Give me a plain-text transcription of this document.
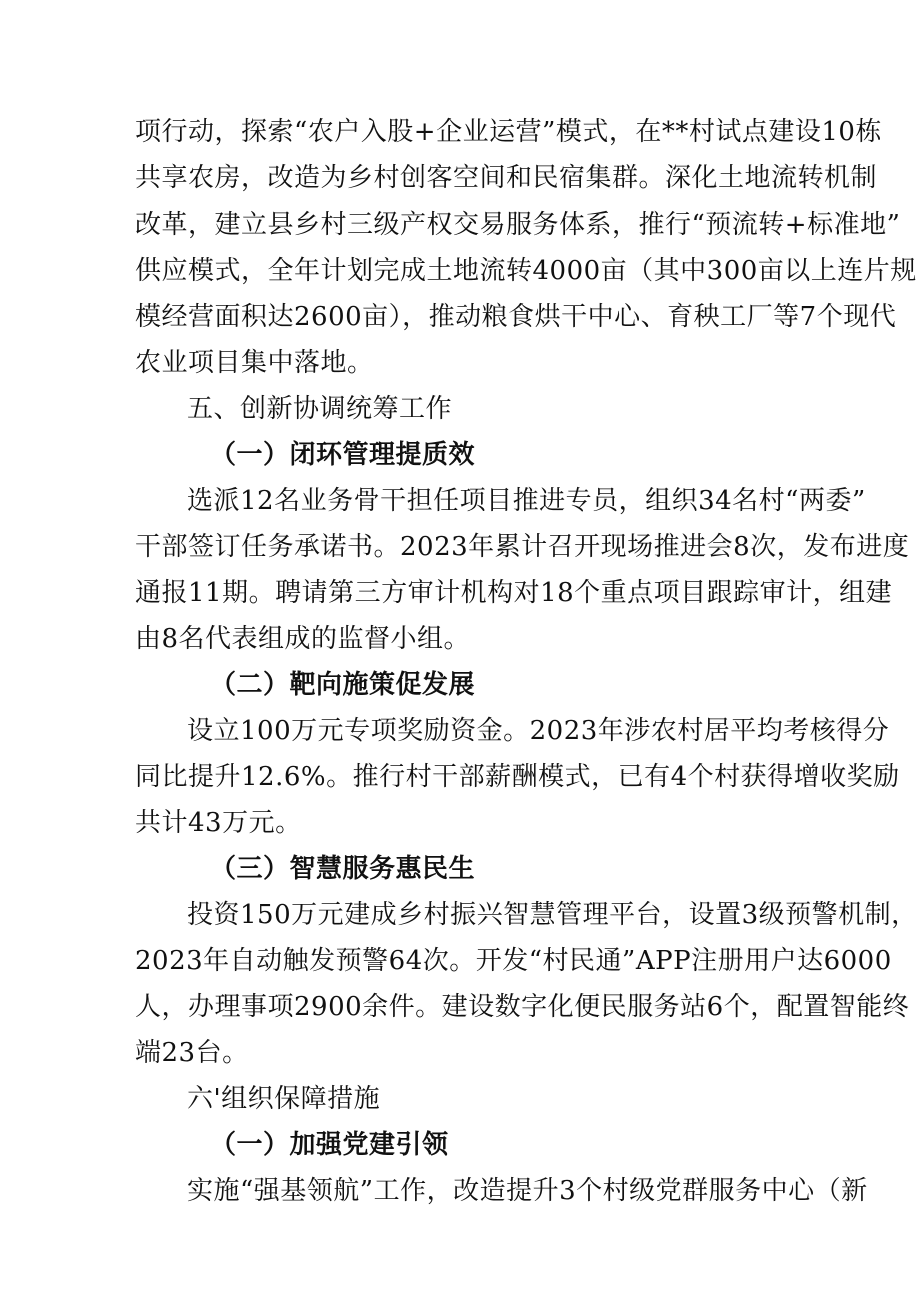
项行动，探索“农户入股+企业运营”模式，在**村试点建设10栋
共享农房，改造为乡村创客空间和民宿集群。深化土地流转机制
改革，建立县乡村三级产权交易服务体系，推行“预流转+标准地”
供应模式，全年计划完成土地流转4000亩（其中300亩以上连片规
模经营面积达2600亩），推动粮食烘干中心、育秧工厂等7个现代
农业项目集中落地。
五、创新协调统筹工作
（一）闭环管理提质效
选派12名业务骨干担任项目推进专员，组织34名村“两委”
干部签订任务承诺书。2023年累计召开现场推进会8次，发布进度
通报11期。聘请第三方审计机构对18个重点项目跟踪审计，组建
由8名代表组成的监督小组。
（二）靶向施策促发展
设立100万元专项奖励资金。2023年涉农村居平均考核得分
同比提升12.6%。推行村干部薪酬模式，已有4个村获得增收奖励
共计43万元。
（三）智慧服务惠民生
投资150万元建成乡村振兴智慧管理平台，设置3级预警机制，
2023年自动触发预警64次。开发“村民通”APP注册用户达6000
人，办理事项2900余件。建设数字化便民服务站6个，配置智能终
端23台。
六'组织保障措施
（一）加强党建引领
实施“强基领航”工作，改造提升3个村级党群服务中心（新
